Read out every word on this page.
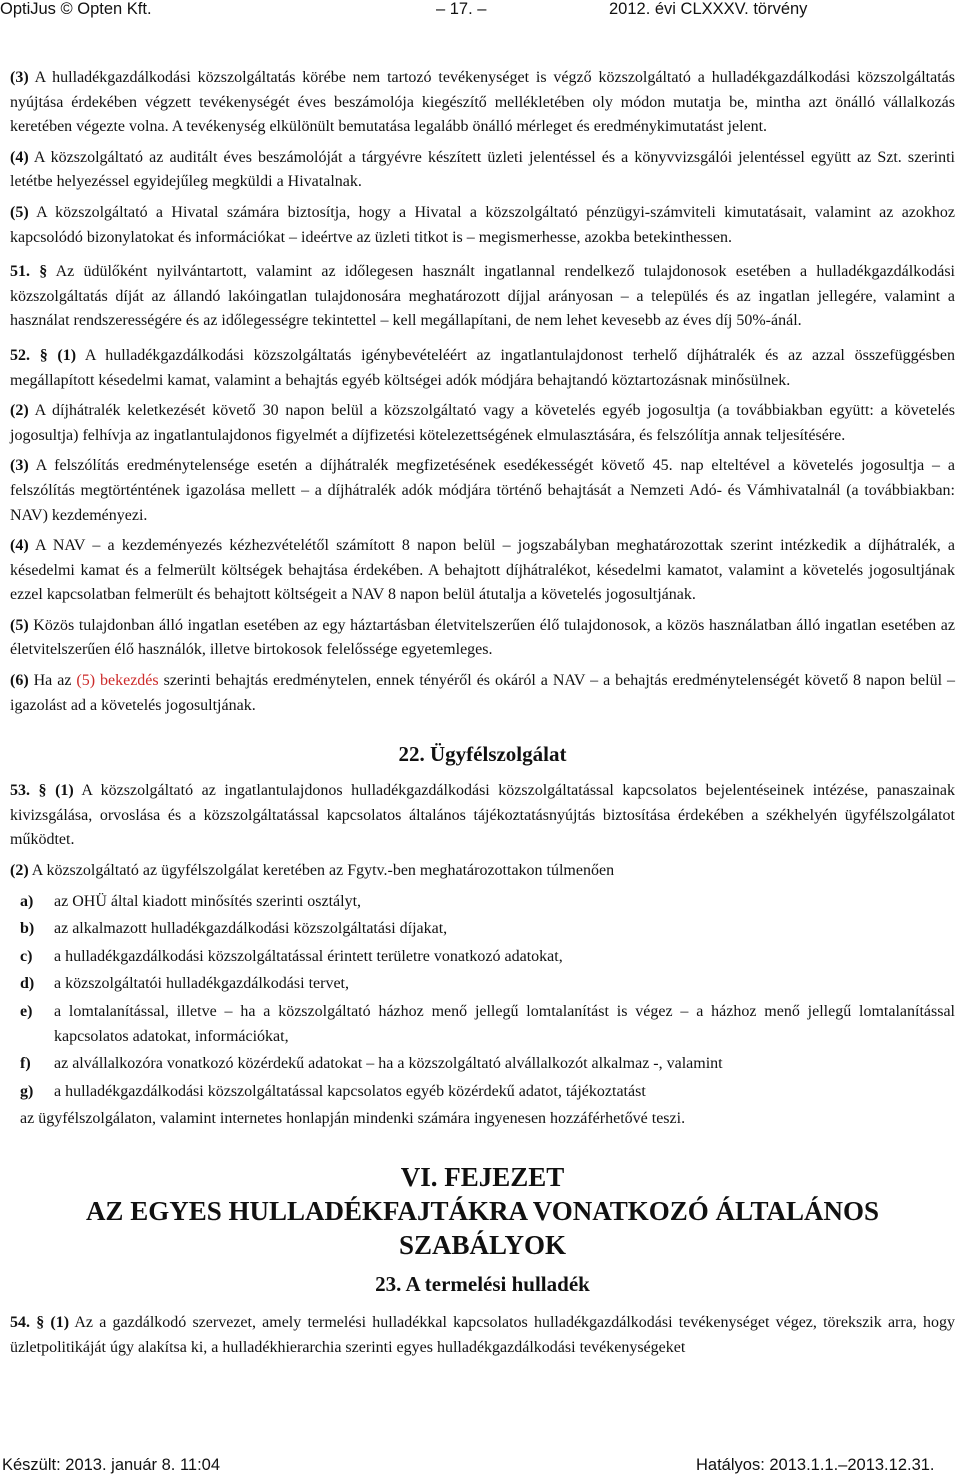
OptiJus © Opten Kft.	– 17. –	2012. évi CLXXXV. törvény

(3) A hulladékgazdálkodási közszolgáltatás körébe nem tartozó tevékenységet is végző közszolgáltató a hulladékgazdálkodási közszolgáltatás nyújtása érdekében végzett tevékenységét éves beszámolója kiegészítő mellékletében oly módon mutatja be, mintha azt önálló vállalkozás keretében végezte volna. A tevékenység elkülönült bemutatása legalább önálló mérleget és eredménykimutatást jelent.

(4) A közszolgáltató az auditált éves beszámolóját a tárgyévre készített üzleti jelentéssel és a könyvvizsgálói jelentéssel együtt az Szt. szerinti letétbe helyezéssel egyidejűleg megküldi a Hivatalnak.

(5) A közszolgáltató a Hivatal számára biztosítja, hogy a Hivatal a közszolgáltató pénzügyi-számviteli kimutatásait, valamint az azokhoz kapcsolódó bizonylatokat és információkat – ideértve az üzleti titkot is – megismerhesse, azokba betekinthessen.

51. § Az üdülőként nyilvántartott, valamint az időlegesen használt ingatlannal rendelkező tulajdonosok esetében a hulladékgazdálkodási közszolgáltatás díját az állandó lakóingatlan tulajdonosára meghatározott díjjal arányosan – a település és az ingatlan jellegére, valamint a használat rendszerességére és az időlegességre tekintettel – kell megállapítani, de nem lehet kevesebb az éves díj 50%-ánál.

52. § (1) A hulladékgazdálkodási közszolgáltatás igénybevételéért az ingatlantulajdonost terhelő díjhátralék és az azzal összefüggésben megállapított késedelmi kamat, valamint a behajtás egyéb költségei adók módjára behajtandó köztartozásnak minősülnek.

(2) A díjhátralék keletkezését követő 30 napon belül a közszolgáltató vagy a követelés egyéb jogosultja (a továbbiakban együtt: a követelés jogosultja) felhívja az ingatlantulajdonos figyelmét a díjfizetési kötelezettségének elmulasztására, és felszólítja annak teljesítésére.

(3) A felszólítás eredménytelensége esetén a díjhátralék megfizetésének esedékességét követő 45. nap elteltével a követelés jogosultja – a felszólítás megtörténtének igazolása mellett – a díjhátralék adók módjára történő behajtását a Nemzeti Adó- és Vámhivatalnál (a továbbiakban: NAV) kezdeményezi.

(4) A NAV – a kezdeményezés kézhezvételétől számított 8 napon belül – jogszabályban meghatározottak szerint intézkedik a díjhátralék, a késedelmi kamat és a felmerült költségek behajtása érdekében. A behajtott díjhátralékot, késedelmi kamatot, valamint a követelés jogosultjának ezzel kapcsolatban felmerült és behajtott költségeit a NAV 8 napon belül átutalja a követelés jogosultjának.

(5) Közös tulajdonban álló ingatlan esetében az egy háztartásban életvitelszerűen élő tulajdonosok, a közös használatban álló ingatlan esetében az életvitelszerűen élő használók, illetve birtokosok felelőssége egyetemleges.

(6) Ha az (5) bekezdés szerinti behajtás eredménytelen, ennek tényéről és okáról a NAV – a behajtás eredménytelenségét követő 8 napon belül – igazolást ad a követelés jogosultjának.

22. Ügyfélszolgálat

53. § (1) A közszolgáltató az ingatlantulajdonos hulladékgazdálkodási közszolgáltatással kapcsolatos bejelentéseinek intézése, panaszainak kivizsgálása, orvoslása és a közszolgáltatással kapcsolatos általános tájékoztatásnyújtás biztosítása érdekében a székhelyén ügyfélszolgálatot működtet.

(2) A közszolgáltató az ügyfélszolgálat keretében az Fgytv.-ben meghatározottakon túlmenően

a)	az OHÜ által kiadott minősítés szerinti osztályt,
b)	az alkalmazott hulladékgazdálkodási közszolgáltatási díjakat,
c)	a hulladékgazdálkodási közszolgáltatással érintett területre vonatkozó adatokat,
d)	a közszolgáltatói hulladékgazdálkodási tervet,
e)	a lomtalanítással, illetve – ha a közszolgáltató házhoz menő jellegű lomtalanítást is végez – a házhoz menő jellegű lomtalanítással kapcsolatos adatokat, információkat,
f)	az alvállalkozóra vonatkozó közérdekű adatokat – ha a közszolgáltató alvállalkozót alkalmaz -, valamint
g)	a hulladékgazdálkodási közszolgáltatással kapcsolatos egyéb közérdekű adatot, tájékoztatást
az ügyfélszolgálaton, valamint internetes honlapján mindenki számára ingyenesen hozzáférhetővé teszi.
VI. FEJEZET
AZ EGYES HULLADÉKFAJTÁKRA VONATKOZÓ ÁLTALÁNOS
SZABÁLYOK
23. A termelési hulladék

54. § (1) Az a gazdálkodó szervezet, amely termelési hulladékkal kapcsolatos hulladékgazdálkodási tevékenységet végez, törekszik arra, hogy üzletpolitikáját úgy alakítsa ki, a hulladékhierarchia szerinti egyes hulladékgazdálkodási tevékenységeket

Készült: 2013. január 8. 11:04	Hatályos: 2013.1.1.–2013.12.31.
